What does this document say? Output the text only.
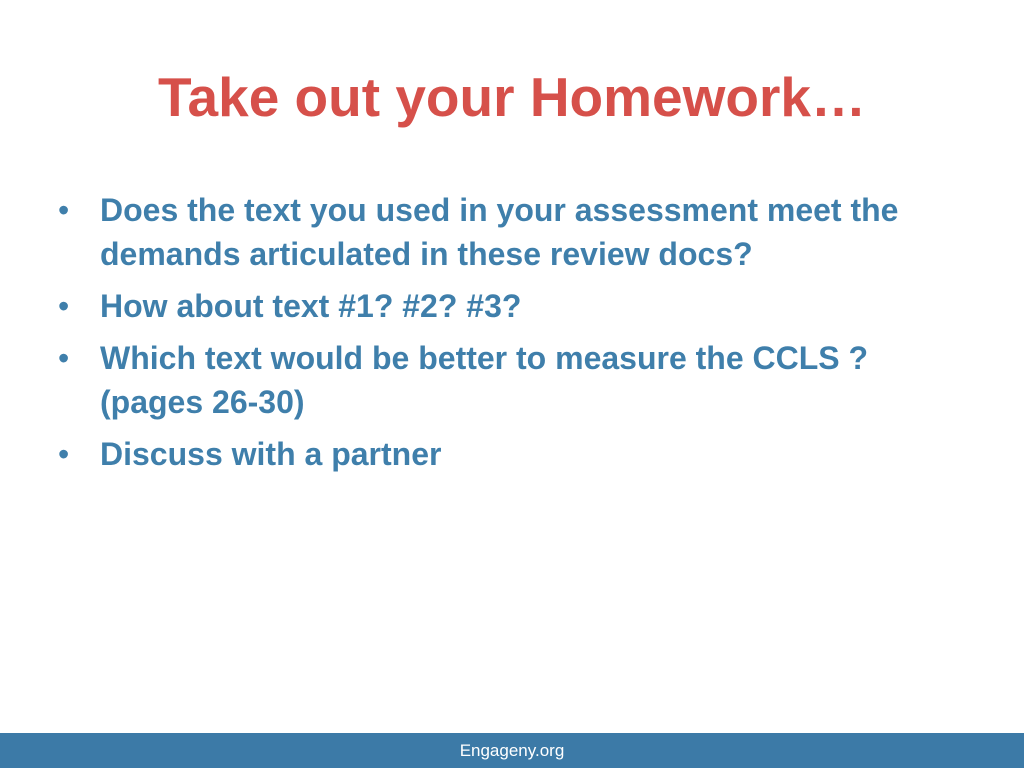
Take out your Homework…
• Does the text you used in your assessment meet the demands articulated in these review docs?
• How about text #1? #2? #3?
• Which text would be better to measure the CCLS ? (pages 26-30)
• Discuss with a partner
Engageny.org
